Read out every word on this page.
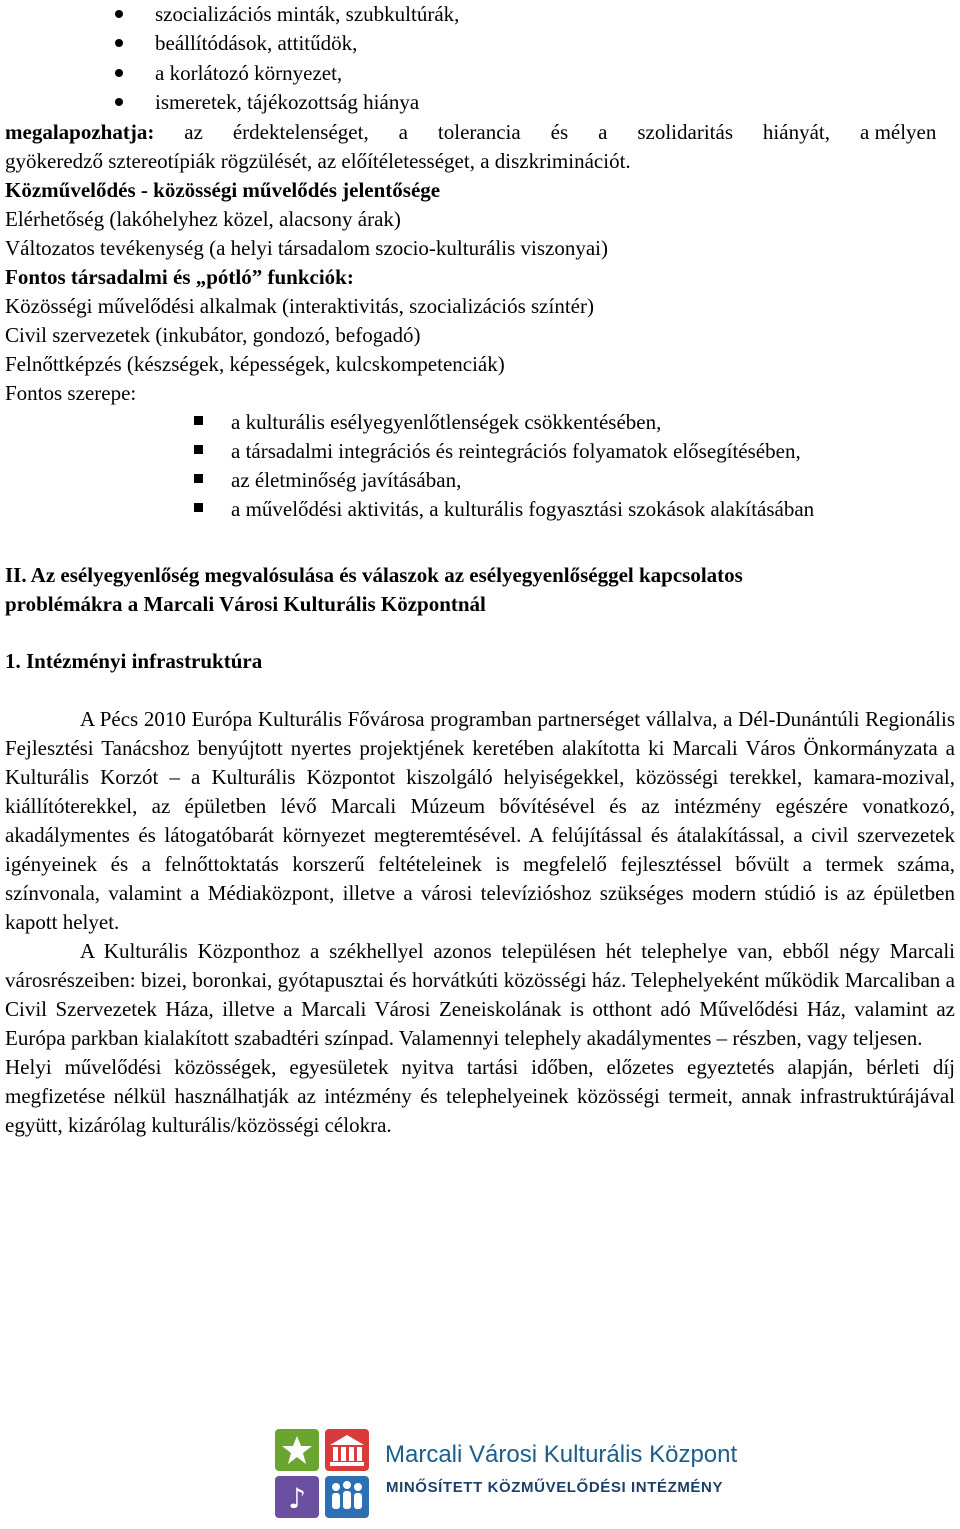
szocializációs minták, szubkultúrák,
beállítódások, attitűdök,
a korlátozó környezet,
ismeretek, tájékozottság hiánya
megalapozhatja: az érdektelenséget, a tolerancia és a szolidaritás hiányát, a mélyen
gyökeredző sztereotípiák rögzülését, az előítéletességet, a diszkriminációt.
Közművelődés - közösségi művelődés jelentősége
Elérhetőség (lakóhelyhez közel, alacsony árak)
Változatos tevékenység (a helyi társadalom szocio-kulturális viszonyai)
Fontos társadalmi és „pótló” funkciók:
Közösségi művelődési alkalmak (interaktivitás, szocializációs színtér)
Civil szervezetek (inkubátor, gondozó, befogadó)
Felnőttképzés (készségek, képességek, kulcskompetenciák)
Fontos szerepe:
a kulturális esélyegyenlőtlenségek csökkentésében,
a társadalmi integrációs és reintegrációs folyamatok elősegítésében,
az életminőség javításában,
a művelődési aktivitás, a kulturális fogyasztási szokások alakításában
II. Az esélyegyenlőség megvalósulása és válaszok az esélyegyenlőséggel kapcsolatos
problémákra a Marcali Városi Kulturális Központnál
1. Intézményi infrastruktúra

A Pécs 2010 Európa Kulturális Fővárosa programban partnerséget vállalva, a Dél-Dunántúli Regionális Fejlesztési Tanácshoz benyújtott nyertes projektjének keretében alakította ki Marcali Város Önkormányzata a Kulturális Korzót – a Kulturális Központot kiszolgáló helyiségekkel, közösségi terekkel, kamara-mozival, kiállítóterekkel, az épületben lévő Marcali Múzeum bővítésével és az intézmény egészére vonatkozó, akadálymentes és látogatóbarát környezet megteremtésével. A felújítással és átalakítással, a civil szervezetek igényeinek és a felnőttoktatás korszerű feltételeinek is megfelelő fejlesztéssel bővült a termek száma, színvonala, valamint a Médiaközpont, illetve a városi televízióshoz szükséges modern stúdió is az épületben kapott helyet.

A Kulturális Központhoz a székhellyel azonos településen hét telephelye van, ebből négy Marcali városrészeiben: bizei, boronkai, gyótapusztai és horvátkúti közösségi ház. Telephelyeként működik Marcaliban a Civil Szervezetek Háza, illetve a Marcali Városi Zeneiskolának is otthont adó Művelődési Ház, valamint az Európa parkban kialakított szabadtéri színpad. Valamennyi telephely akadálymentes – részben, vagy teljesen.

Helyi művelődési közösségek, egyesületek nyitva tartási időben, előzetes egyeztetés alapján, bérleti díj megfizetése nélkül használhatják az intézmény és telephelyeinek közösségi termeit, annak infrastruktúrájával együtt, kizárólag kulturális/közösségi célokra.

♪
Marcali Városi Kulturális Központ
MINŐSÍTETT KÖZMŰVELŐDÉSI INTÉZMÉNY
